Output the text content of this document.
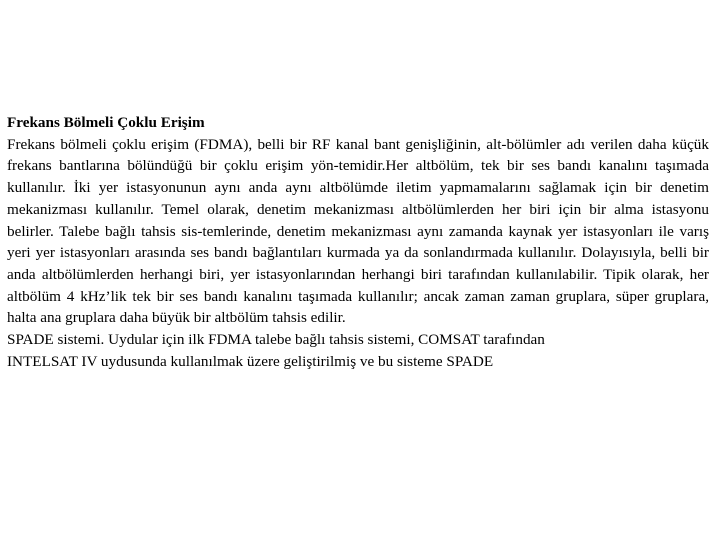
Frekans Bölmeli Çoklu Erişim

Frekans bölmeli çoklu erişim (FDMA), belli bir RF kanal bant genişliğinin, alt-bölümler adı verilen daha küçük frekans bantlarına bölündüğü bir çoklu erişim yön-temidir.Her altbölüm, tek bir ses bandı kanalını taşımada kullanılır. İki yer istasyonunun aynı anda aynı altbölümde iletim yapmamalarını sağlamak için bir denetim mekanizması kullanılır. Temel olarak, denetim mekanizması altbölümlerden her biri için bir alma istasyonu belirler. Talebe bağlı tahsis sis-temlerinde, denetim mekanizması aynı zamanda kaynak yer istasyonları ile varış yeri yer istasyonları arasında ses bandı bağlantıları kurmada ya da sonlandırmada kullanılır. Dolayısıyla, belli bir anda altbölümlerden herhangi biri, yer istasyonlarından herhangi biri tarafından kullanılabilir. Tipik olarak, her altbölüm 4 kHz’lik tek bir ses bandı kanalını taşımada kullanılır; ancak zaman zaman gruplara, süper gruplara, halta ana gruplara daha büyük bir altbölüm tahsis edilir.

SPADE sistemi. Uydular için ilk FDMA talebe bağlı tahsis sistemi, COMSAT tarafından

INTELSAT IV uydusunda kullanılmak üzere geliştirilmiş ve bu sisteme SPADE
